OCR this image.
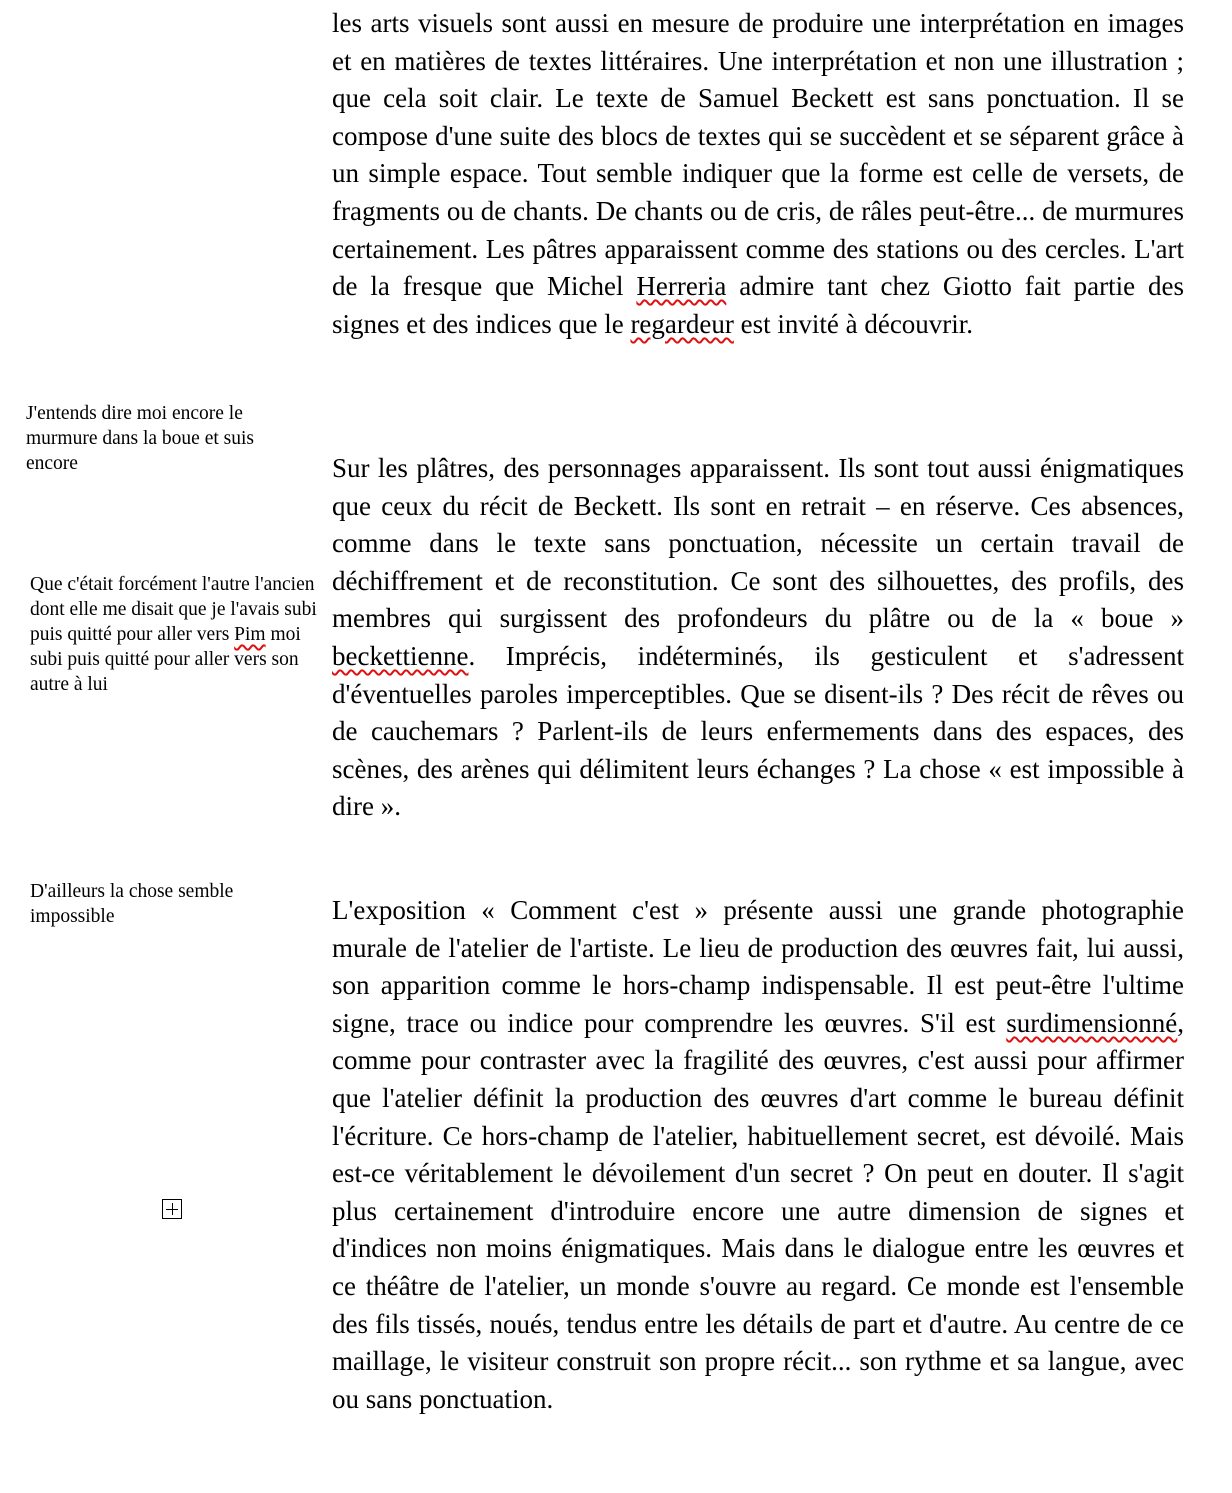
les arts visuels sont aussi en mesure de produire une interprétation en images et en matières de textes littéraires. Une interprétation et non une illustration ; que cela soit clair. Le texte de Samuel Beckett est sans ponctuation. Il se compose d'une suite des blocs de textes qui se succèdent et se séparent grâce à un simple espace. Tout semble indiquer que la forme est celle de versets, de fragments ou de chants. De chants ou de cris, de râles peut-être... de murmures certainement. Les pâtres apparaissent comme des stations ou des cercles. L'art de la fresque que Michel Herreria admire tant chez Giotto fait partie des signes et des indices que le regardeur est invité à découvrir.

J'entends dire moi encore le murmure dans la boue et suis encore	Sur les plâtres, des personnages apparaissent. Ils sont tout aussi énigmatiques que ceux du récit de Beckett. Ils sont en retrait – en réserve. Ces absences, comme dans le texte sans ponctuation, nécessite un certain travail de déchiffrement et de reconstitution. Ce sont des silhouettes, des profils, des membres qui surgissent des profondeurs du plâtre ou de la « boue » beckettienne. Imprécis, indéterminés, ils gesticulent et s'adressent d'éventuelles paroles imperceptibles. Que se disent-ils ? Des récit de rêves ou de cauchemars ? Parlent-ils de leurs enfermements dans des espaces, des scènes, des arènes qui délimitent leurs échanges ? La chose « est impossible à dire ».

Que c'était forcément l'autre l'ancien dont elle me disait que je l'avais subi puis quitté pour aller vers Pim moi subi puis quitté pour aller vers son autre à lui

D'ailleurs la chose semble impossible	L'exposition « Comment c'est » présente aussi une grande photographie murale de l'atelier de l'artiste. Le lieu de production des œuvres fait, lui aussi, son apparition comme le hors-champ indispensable. Il est peut-être l'ultime signe, trace ou indice pour comprendre les œuvres. S'il est surdimensionné, comme pour contraster avec la fragilité des œuvres, c'est aussi pour affirmer que l'atelier définit la production des œuvres d'art comme le bureau définit l'écriture. Ce hors-champ de l'atelier, habituellement secret, est dévoilé. Mais est-ce véritablement le dévoilement d'un secret ? On peut en douter. Il s'agit plus certainement d'introduire encore une autre dimension de signes et d'indices non moins énigmatiques. Mais dans le dialogue entre les œuvres et ce théâtre de l'atelier, un monde s'ouvre au regard. Ce monde est l'ensemble des fils tissés, noués, tendus entre les détails de part et d'autre. Au centre de ce maillage, le visiteur construit son propre récit... son rythme et sa langue, avec ou sans ponctuation.
